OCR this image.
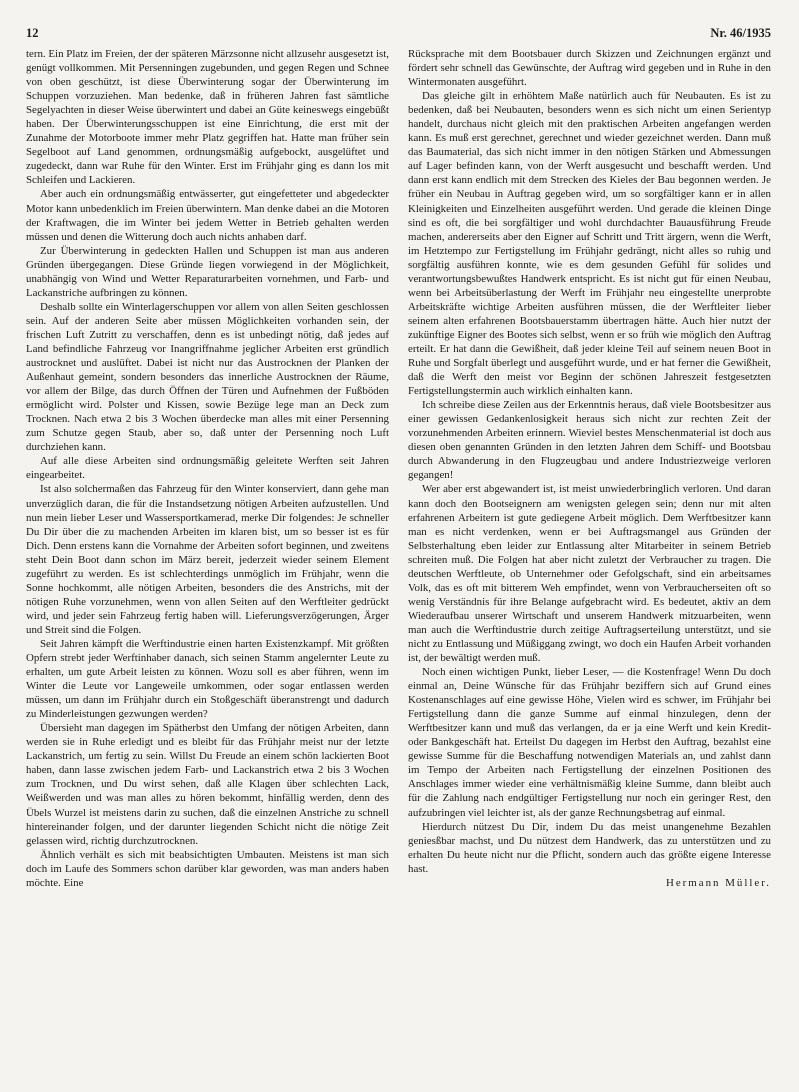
12	Nr. 46/1935

tern. Ein Platz im Freien, der der späteren Märzsonne nicht allzusehr ausgesetzt ist, genügt vollkommen. Mit Persenningen zugebunden, und gegen Regen und Schnee von oben geschützt, ist diese Überwinterung sogar der Überwinterung im Schuppen vorzuziehen. Man bedenke, daß in früheren Jahren fast sämtliche Segelyachten in dieser Weise überwintert und dabei an Güte keineswegs eingebüßt haben. Der Überwinterungsschuppen ist eine Einrichtung, die erst mit der Zunahme der Motorboote immer mehr Platz gegriffen hat. Hatte man früher sein Segelboot auf Land genommen, ordnungsmäßig aufgebockt, ausgelüftet und zugedeckt, dann war Ruhe für den Winter. Erst im Frühjahr ging es dann los mit Schleifen und Lackieren.

Aber auch ein ordnungsmäßig entwässerter, gut eingefetteter und abgedeckter Motor kann unbedenklich im Freien überwintern. Man denke dabei an die Motoren der Kraftwagen, die im Winter bei jedem Wetter in Betrieb gehalten werden müssen und denen die Witterung doch auch nichts anhaben darf.

Zur Überwinterung in gedeckten Hallen und Schuppen ist man aus anderen Gründen übergegangen. Diese Gründe liegen vorwiegend in der Möglichkeit, unabhängig von Wind und Wetter Reparaturarbeiten vornehmen, und Farb- und Lackanstriche aufbringen zu können.

Deshalb sollte ein Winterlagerschuppen vor allem von allen Seiten geschlossen sein. Auf der anderen Seite aber müssen Möglichkeiten vorhanden sein, der frischen Luft Zutritt zu verschaffen, denn es ist unbedingt nötig, daß jedes auf Land befindliche Fahrzeug vor Inangriffnahme jeglicher Arbeiten erst gründlich austrocknet und auslüftet. Dabei ist nicht nur das Austrocknen der Planken der Außenhaut gemeint, sondern besonders das innerliche Austrocknen der Räume, vor allem der Bilge, das durch Öffnen der Türen und Aufnehmen der Fußböden ermöglicht wird. Polster und Kissen, sowie Bezüge lege man an Deck zum Trocknen. Nach etwa 2 bis 3 Wochen überdecke man alles mit einer Persenning zum Schutze gegen Staub, aber so, daß unter der Persenning noch Luft durchziehen kann.

Auf alle diese Arbeiten sind ordnungsmäßig geleitete Werften seit Jahren eingearbeitet.

Ist also solchermaßen das Fahrzeug für den Winter konserviert, dann gehe man unverzüglich daran, die für die Instandsetzung nötigen Arbeiten aufzustellen. Und nun mein lieber Leser und Wassersportkamerad, merke Dir folgendes: Je schneller Du Dir über die zu machenden Arbeiten im klaren bist, um so besser ist es für Dich. Denn erstens kann die Vornahme der Arbeiten sofort beginnen, und zweitens steht Dein Boot dann schon im März bereit, jederzeit wieder seinem Element zugeführt zu werden. Es ist schlechterdings unmöglich im Frühjahr, wenn die Sonne hochkommt, alle nötigen Arbeiten, besonders die des Anstrichs, mit der nötigen Ruhe vorzunehmen, wenn von allen Seiten auf den Werftleiter gedrückt wird, und jeder sein Fahrzeug fertig haben will. Lieferungsverzögerungen, Ärger und Streit sind die Folgen.

Seit Jahren kämpft die Werftindustrie einen harten Existenzkampf. Mit größten Opfern strebt jeder Werftinhaber danach, sich seinen Stamm angelernter Leute zu erhalten, um gute Arbeit leisten zu können. Wozu soll es aber führen, wenn im Winter die Leute vor Langeweile umkommen, oder sogar entlassen werden müssen, um dann im Frühjahr durch ein Stoßgeschäft überanstrengt und dadurch zu Minderleistungen gezwungen werden?

Übersieht man dagegen im Spätherbst den Umfang der nötigen Arbeiten, dann werden sie in Ruhe erledigt und es bleibt für das Frühjahr meist nur der letzte Lackanstrich, um fertig zu sein. Willst Du Freude an einem schön lackierten Boot haben, dann lasse zwischen jedem Farb- und Lackanstrich etwa 2 bis 3 Wochen zum Trocknen, und Du wirst sehen, daß alle Klagen über schlechten Lack, Weißwerden und was man alles zu hören bekommt, hinfällig werden, denn des Übels Wurzel ist meistens darin zu suchen, daß die einzelnen Anstriche zu schnell hintereinander folgen, und der darunter liegenden Schicht nicht die nötige Zeit gelassen wird, richtig durchzutrocknen.

Ähnlich verhält es sich mit beabsichtigten Umbauten. Meistens ist man sich doch im Laufe des Sommers schon darüber klar geworden, was man anders haben möchte. Eine

Rücksprache mit dem Bootsbauer durch Skizzen und Zeichnungen ergänzt und fördert sehr schnell das Gewünschte, der Auftrag wird gegeben und in Ruhe in den Wintermonaten ausgeführt.

Das gleiche gilt in erhöhtem Maße natürlich auch für Neubauten. Es ist zu bedenken, daß bei Neubauten, besonders wenn es sich nicht um einen Serientyp handelt, durchaus nicht gleich mit den praktischen Arbeiten angefangen werden kann. Es muß erst gerechnet, gerechnet und wieder gezeichnet werden. Dann muß das Baumaterial, das sich nicht immer in den nötigen Stärken und Abmessungen auf Lager befinden kann, von der Werft ausgesucht und beschafft werden. Und dann erst kann endlich mit dem Strecken des Kieles der Bau begonnen werden. Je früher ein Neubau in Auftrag gegeben wird, um so sorgfältiger kann er in allen Kleinigkeiten und Einzelheiten ausgeführt werden. Und gerade die kleinen Dinge sind es oft, die bei sorgfältiger und wohl durchdachter Bauausführung Freude machen, andererseits aber den Eigner auf Schritt und Tritt ärgern, wenn die Werft, im Hetztempo zur Fertigstellung im Frühjahr gedrängt, nicht alles so ruhig und sorgfältig ausführen konnte, wie es dem gesunden Gefühl für solides und verantwortungsbewußtes Handwerk entspricht. Es ist nicht gut für einen Neubau, wenn bei Arbeitsüberlastung der Werft im Frühjahr neu eingestellte unerprobte Arbeitskräfte wichtige Arbeiten ausführen müssen, die der Werftleiter lieber seinem alten erfahrenen Bootsbauerstamm übertragen hätte. Auch hier nutzt der zukünftige Eigner des Bootes sich selbst, wenn er so früh wie möglich den Auftrag erteilt. Er hat dann die Gewißheit, daß jeder kleine Teil auf seinem neuen Boot in Ruhe und Sorgfalt überlegt und ausgeführt wurde, und er hat ferner die Gewißheit, daß die Werft den meist vor Beginn der schönen Jahreszeit festgesetzten Fertigstellungstermin auch wirklich einhalten kann.

Ich schreibe diese Zeilen aus der Erkenntnis heraus, daß viele Bootsbesitzer aus einer gewissen Gedankenlosigkeit heraus sich nicht zur rechten Zeit der vorzunehmenden Arbeiten erinnern. Wieviel bestes Menschenmaterial ist doch aus diesen oben genannten Gründen in den letzten Jahren dem Schiff- und Bootsbau durch Abwanderung in den Flugzeugbau und andere Industriezweige verloren gegangen!

Wer aber erst abgewandert ist, ist meist unwiederbringlich verloren. Und daran kann doch den Bootseignern am wenigsten gelegen sein; denn nur mit alten erfahrenen Arbeitern ist gute gediegene Arbeit möglich. Dem Werftbesitzer kann man es nicht verdenken, wenn er bei Auftragsmangel aus Gründen der Selbsterhaltung eben leider zur Entlassung alter Mitarbeiter in seinem Betrieb schreiten muß. Die Folgen hat aber nicht zuletzt der Verbraucher zu tragen. Die deutschen Werftleute, ob Unternehmer oder Gefolgschaft, sind ein arbeitsames Volk, das es oft mit bitterem Weh empfindet, wenn von Verbraucherseiten oft so wenig Verständnis für ihre Belange aufgebracht wird. Es bedeutet, aktiv an dem Wiederaufbau unserer Wirtschaft und unserem Handwerk mitzuarbeiten, wenn man auch die Werftindustrie durch zeitige Auftragserteilung unterstützt, und sie nicht zu Entlassung und Müßiggang zwingt, wo doch ein Haufen Arbeit vorhanden ist, der bewältigt werden muß.

Noch einen wichtigen Punkt, lieber Leser, — die Kostenfrage! Wenn Du doch einmal an, Deine Wünsche für das Frühjahr beziffern sich auf Grund eines Kostenanschlages auf eine gewisse Höhe, Vielen wird es schwer, im Frühjahr bei Fertigstellung dann die ganze Summe auf einmal hinzulegen, denn der Werftbesitzer kann und muß das verlangen, da er ja eine Werft und kein Kredit- oder Bankgeschäft hat. Erteilst Du dagegen im Herbst den Auftrag, bezahlst eine gewisse Summe für die Beschaffung notwendigen Materials an, und zahlst dann im Tempo der Arbeiten nach Fertigstellung der einzelnen Positionen des Anschlages immer wieder eine verhältnismäßig kleine Summe, dann bleibt auch für die Zahlung nach endgültiger Fertigstellung nur noch ein geringer Rest, den aufzubringen viel leichter ist, als der ganze Rechnungsbetrag auf einmal.

Hierdurch nützest Du Dir, indem Du das meist unangenehme Bezahlen geniesßbar machst, und Du nützest dem Handwerk, das zu unterstützen und zu erhalten Du heute nicht nur die Pflicht, sondern auch das größte eigene Interesse hast.

Hermann Müller.
